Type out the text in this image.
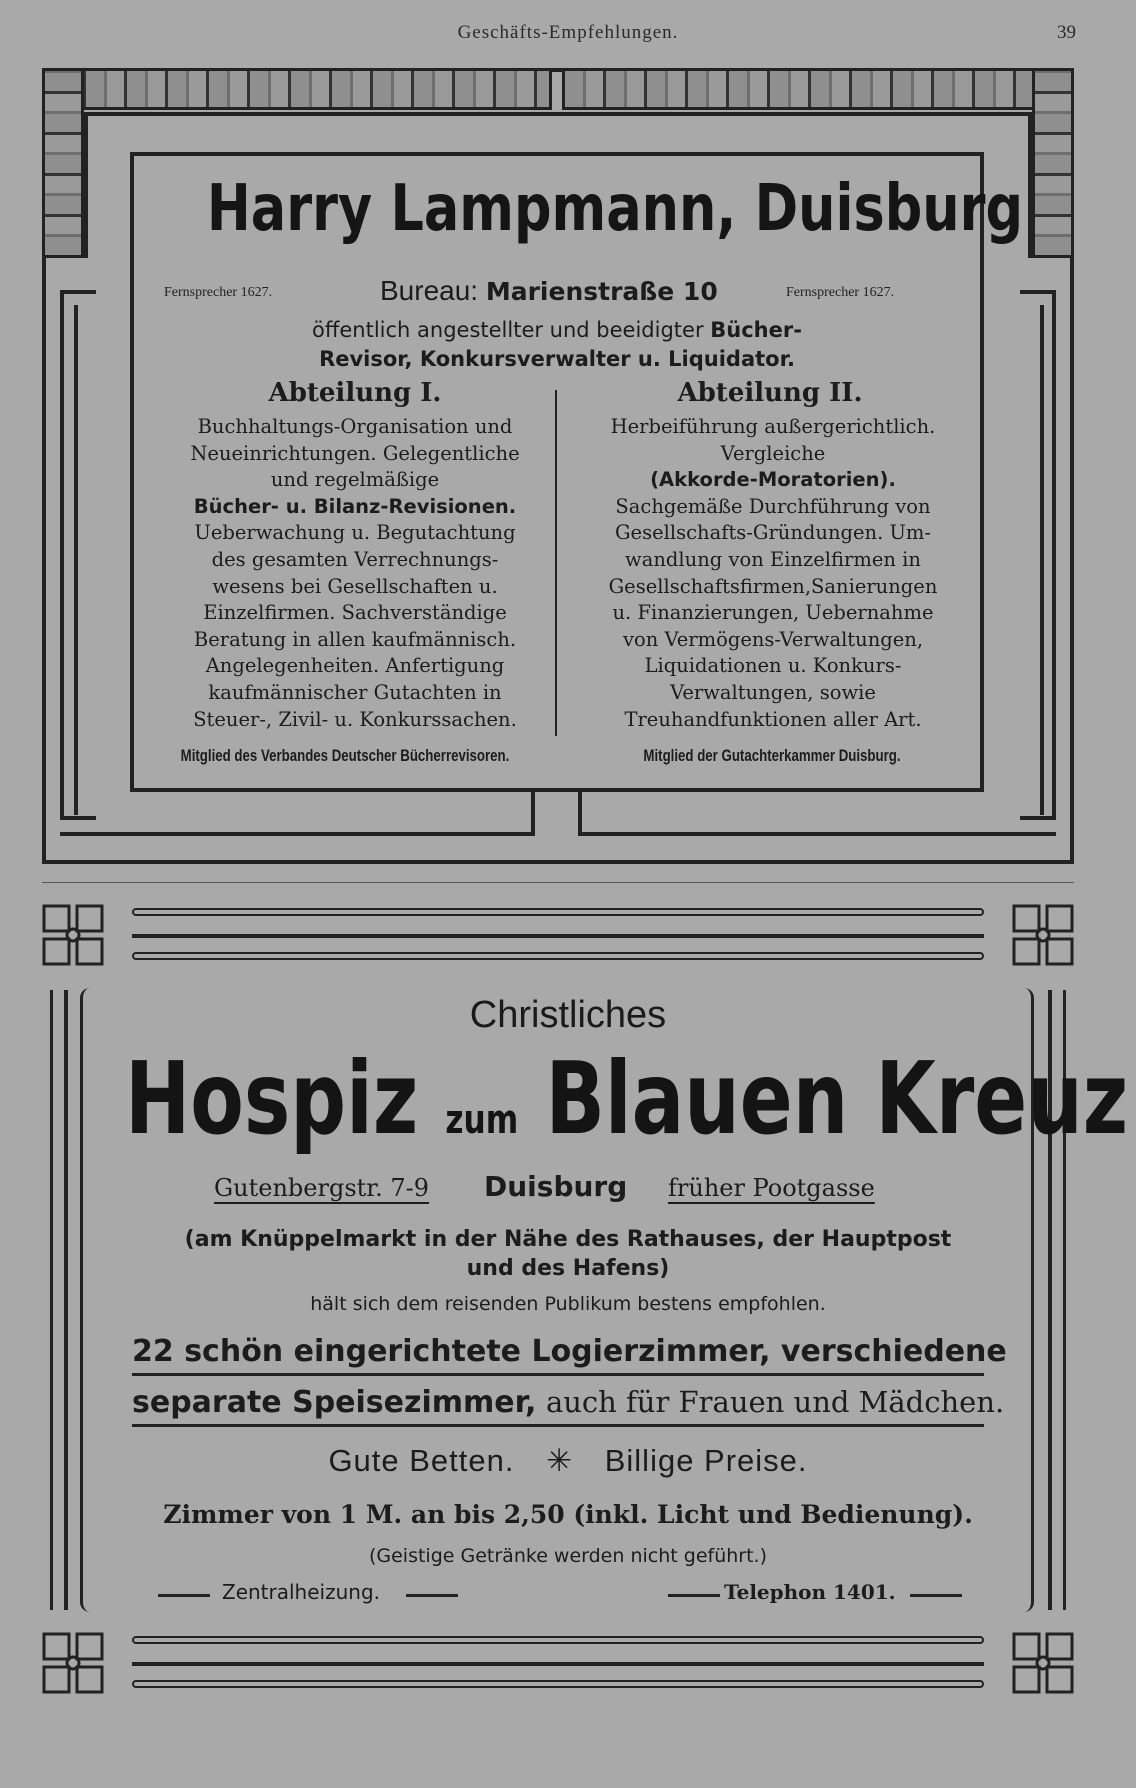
Geschäfts-Empfehlungen.	39
Harry Lampmann, Duisburg
Fernsprecher 1627.	Bureau: Marienstraße 10	Fernsprecher 1627.
öffentlich angestellter und beeidigter Bücher-
Revisor, Konkursverwalter u. Liquidator.
Abteilung I.
Buchhaltungs-Organisation und
Neueinrichtungen. Gelegentliche
und regelmäßige
Bücher- u. Bilanz-Revisionen.
Ueberwachung u. Begutachtung
des gesamten Verrechnungs-
wesens bei Gesellschaften u.
Einzelfirmen. Sachverständige
Beratung in allen kaufmännisch.
Angelegenheiten. Anfertigung
kaufmännischer Gutachten in
Steuer-, Zivil- u. Konkurssachen.
Mitglied des Verbandes Deutscher Bücherrevisoren.
Abteilung II.
Herbeiführung außergerichtlich.
Vergleiche
(Akkorde-Moratorien).
Sachgemäße Durchführung von
Gesellschafts-Gründungen. Um-
wandlung von Einzelfirmen in
Gesellschaftsfirmen,Sanierungen
u. Finanzierungen, Uebernahme
von Vermögens-Verwaltungen,
Liquidationen u. Konkurs-
Verwaltungen, sowie
Treuhandfunktionen aller Art.
Mitglied der Gutachterkammer Duisburg.
Christliches
Hospiz zum Blauen Kreuz
Gutenbergstr. 7-9 Duisburg früher Pootgasse
(am Knüppelmarkt in der Nähe des Rathauses, der Hauptpost
und des Hafens)
hält sich dem reisenden Publikum bestens empfohlen.
22 schön eingerichtete Logierzimmer, verschiedene
separate Speisezimmer, auch für Frauen und Mädchen.
Gute Betten. ✳ Billige Preise.
Zimmer von 1 M. an bis 2,50 (inkl. Licht und Bedienung).
(Geistige Getränke werden nicht geführt.)
Zentralheizung.	Telephon 1401.
